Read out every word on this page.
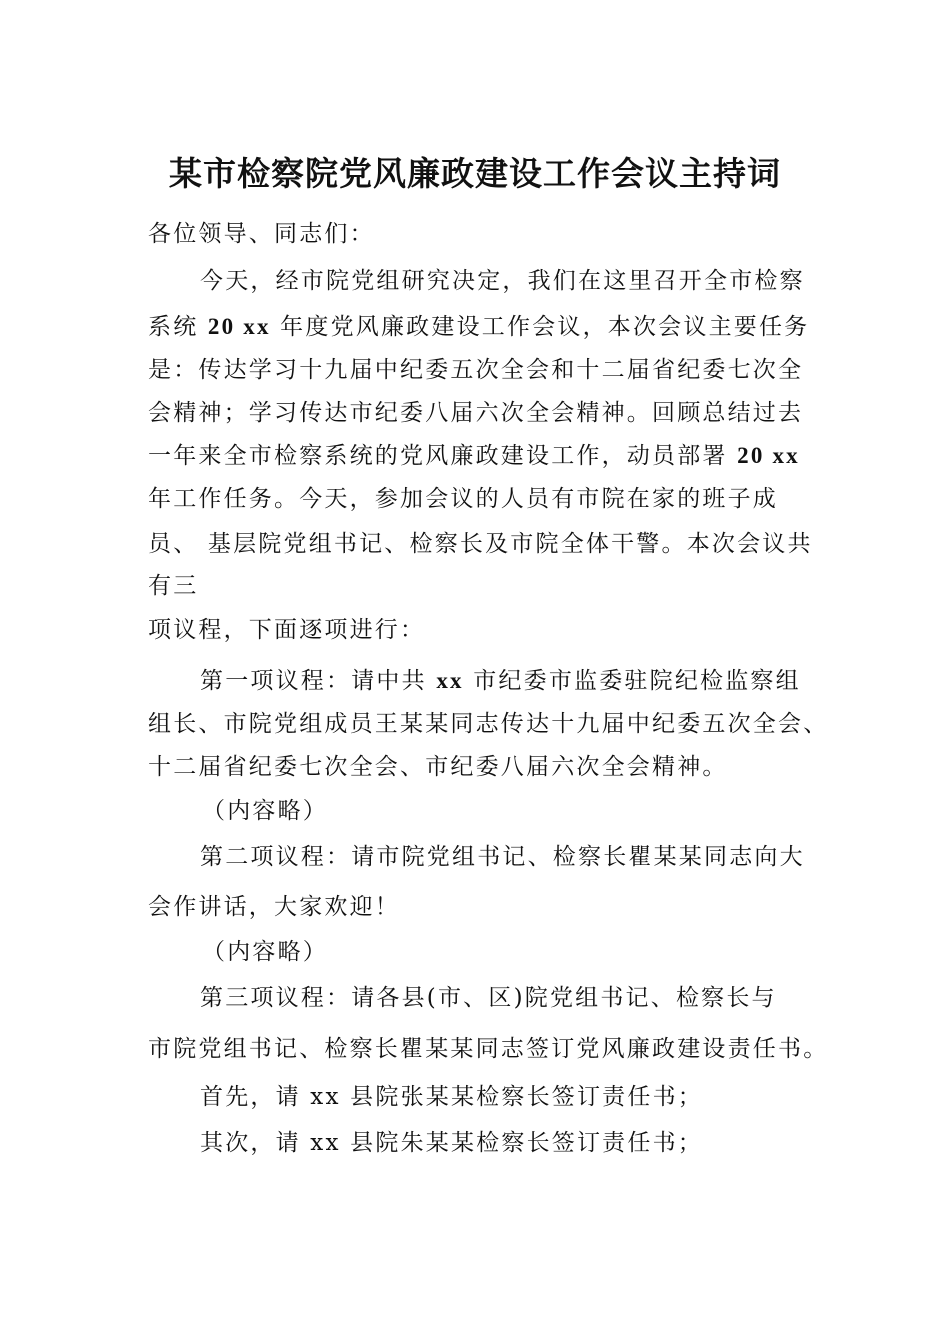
某市检察院党风廉政建设工作会议主持词

各位领导、同志们：

今天，经市院党组研究决定，我们在这里召开全市检察

系统 20 xx 年度党风廉政建设工作会议，本次会议主要任务

是：传达学习十九届中纪委五次全会和十二届省纪委七次全

会精神；学习传达市纪委八届六次全会精神。回顾总结过去

一年来全市检察系统的党风廉政建设工作，动员部署 20 xx

年工作任务。今天，参加会议的人员有市院在家的班子成

员、 基层院党组书记、检察长及市院全体干警。本次会议共

有三

项议程，下面逐项进行：

第一项议程：请中共 xx 市纪委市监委驻院纪检监察组

组长、市院党组成员王某某同志传达十九届中纪委五次全会、

十二届省纪委七次全会、市纪委八届六次全会精神。

（内容略）

第二项议程：请市院党组书记、检察长瞿某某同志向大

会作讲话，大家欢迎！

（内容略）

第三项议程：请各县(市、区)院党组书记、检察长与

市院党组书记、检察长瞿某某同志签订党风廉政建设责任书。

首先，请 xx 县院张某某检察长签订责任书；

其次，请 xx 县院朱某某检察长签订责任书；
